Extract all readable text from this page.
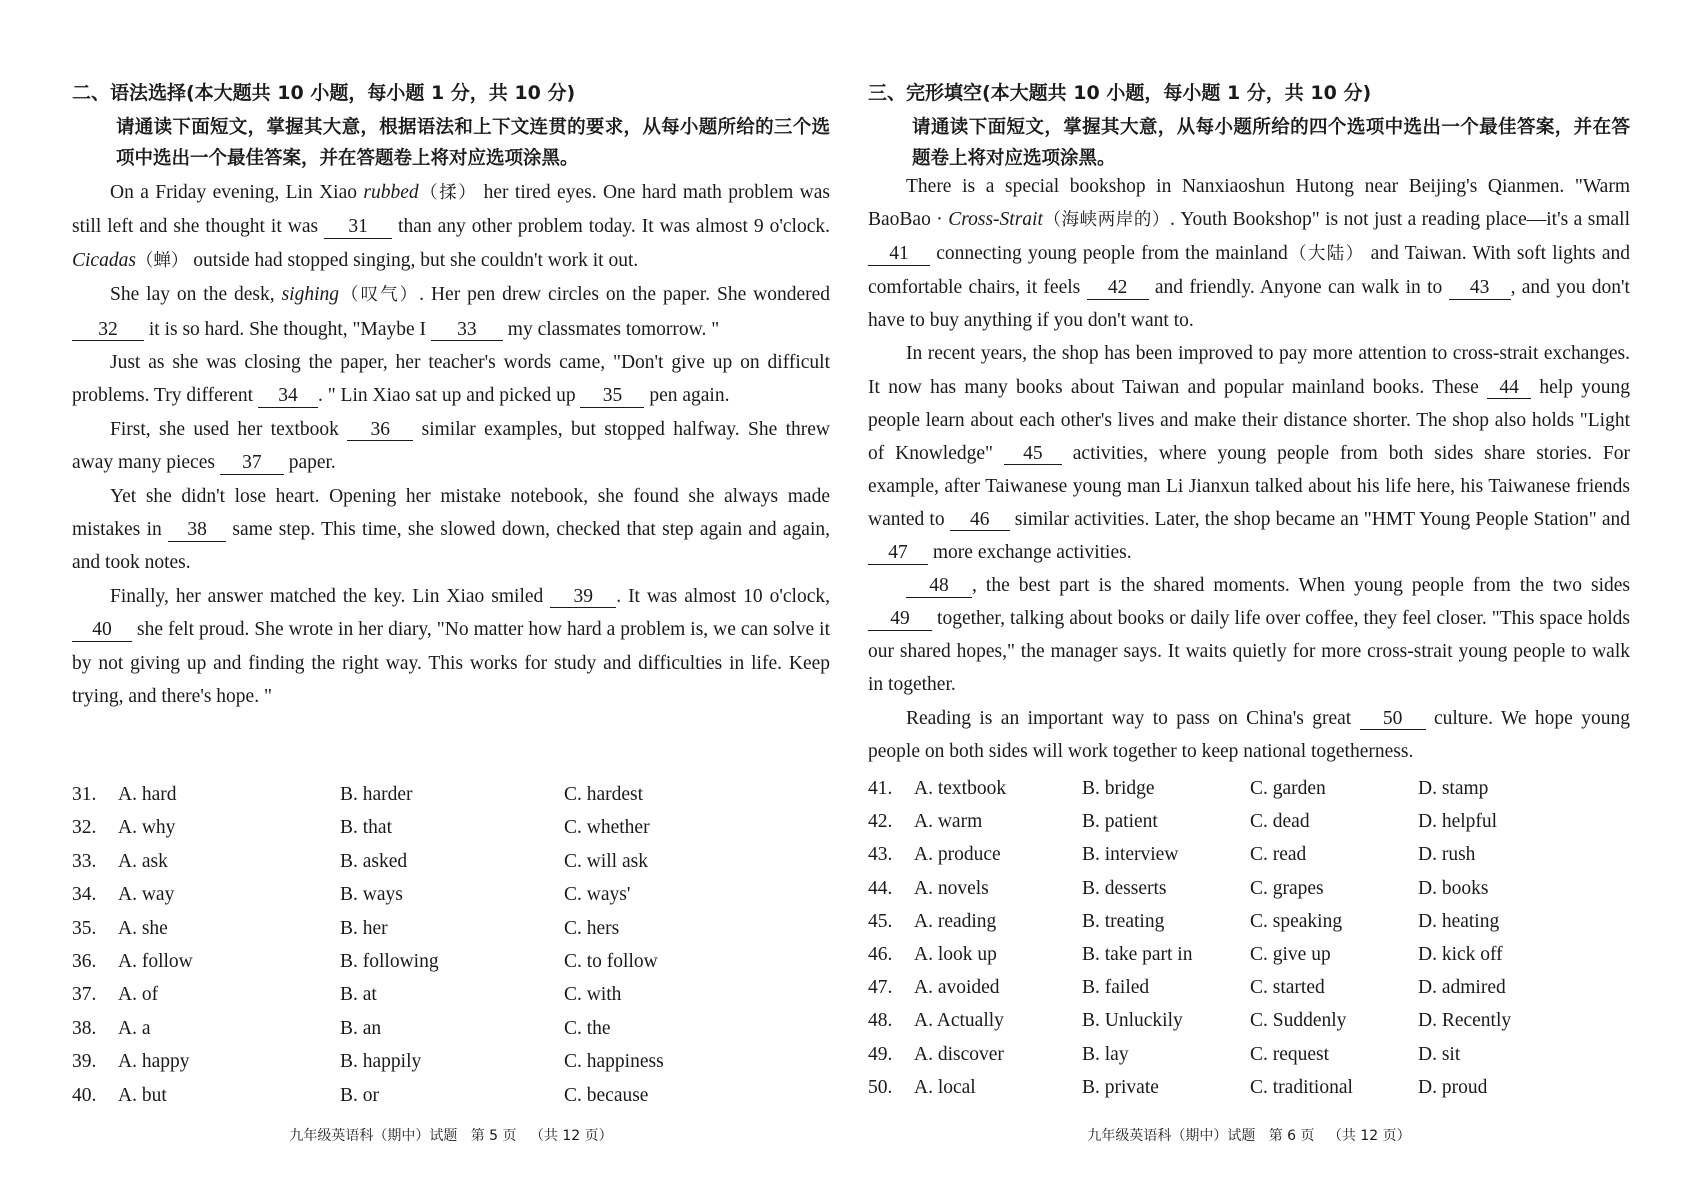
二、语法选择(本大题共 10 小题，每小题 1 分，共 10 分)
请通读下面短文，掌握其大意，根据语法和上下文连贯的要求，从每小题所给的三个选项中选出一个最佳答案，并在答题卷上将对应选项涂黑。

On a Friday evening, Lin Xiao rubbed（揉） her tired eyes. One hard math problem was still left and she thought it was 31 than any other problem today. It was almost 9 o'clock. Cicadas（蝉） outside had stopped singing, but she couldn't work it out.

She lay on the desk, sighing（叹气）. Her pen drew circles on the paper. She wondered 32 it is so hard. She thought, "Maybe I 33 my classmates tomorrow. "

Just as she was closing the paper, her teacher's words came, "Don't give up on difficult problems. Try different 34 . " Lin Xiao sat up and picked up 35 pen again.

First, she used her textbook 36 similar examples, but stopped halfway. She threw away many pieces 37 paper.

Yet she didn't lose heart. Opening her mistake notebook, she found she always made mistakes in 38 same step. This time, she slowed down, checked that step again and again, and took notes.

Finally, her answer matched the key. Lin Xiao smiled 39 . It was almost 10 o'clock, 40 she felt proud. She wrote in her diary, "No matter how hard a problem is, we can solve it by not giving up and finding the right way. This works for study and difficulties in life. Keep trying, and there's hope. "

31. A. hard	B. harder	C. hardest
32. A. why	B. that	C. whether
33. A. ask	B. asked	C. will ask
34. A. way	B. ways	C. ways'
35. A. she	B. her	C. hers
36. A. follow	B. following	C. to follow
37. A. of	B. at	C. with
38. A. a	B. an	C. the
39. A. happy	B. happily	C. happiness
40. A. but	B. or	C. because
九年级英语科（期中）试题   第 5 页   （共 12 页）
三、完形填空(本大题共 10 小题，每小题 1 分，共 10 分)
请通读下面短文，掌握其大意，从每小题所给的四个选项中选出一个最佳答案，并在答题卷上将对应选项涂黑。

There is a special bookshop in Nanxiaoshun Hutong near Beijing's Qianmen. "Warm BaoBao · Cross-Strait（海峡两岸的）. Youth Bookshop" is not just a reading place—it's a small 41 connecting young people from the mainland（大陆） and Taiwan. With soft lights and comfortable chairs, it feels 42 and friendly. Anyone can walk in to 43 , and you don't have to buy anything if you don't want to.

In recent years, the shop has been improved to pay more attention to cross-strait exchanges. It now has many books about Taiwan and popular mainland books. These 44 help young people learn about each other's lives and make their distance shorter. The shop also holds "Light of Knowledge" 45 activities, where young people from both sides share stories. For example, after Taiwanese young man Li Jianxun talked about his life here, his Taiwanese friends wanted to 46 similar activities. Later, the shop became an "HMT Young People Station" and 47 more exchange activities.

48 , the best part is the shared moments. When young people from the two sides 49 together, talking about books or daily life over coffee, they feel closer. "This space holds our shared hopes," the manager says. It waits quietly for more cross-strait young people to walk in together.

Reading is an important way to pass on China's great 50 culture. We hope young people on both sides will work together to keep national togetherness.

41. A. textbook	B. bridge	C. garden	D. stamp
42. A. warm	B. patient	C. dead	D. helpful
43. A. produce	B. interview	C. read	D. rush
44. A. novels	B. desserts	C. grapes	D. books
45. A. reading	B. treating	C. speaking	D. heating
46. A. look up	B. take part in	C. give up	D. kick off
47. A. avoided	B. failed	C. started	D. admired
48. A. Actually	B. Unluckily	C. Suddenly	D. Recently
49. A. discover	B. lay	C. request	D. sit
50. A. local	B. private	C. traditional	D. proud
九年级英语科（期中）试题   第 6 页   （共 12 页）
